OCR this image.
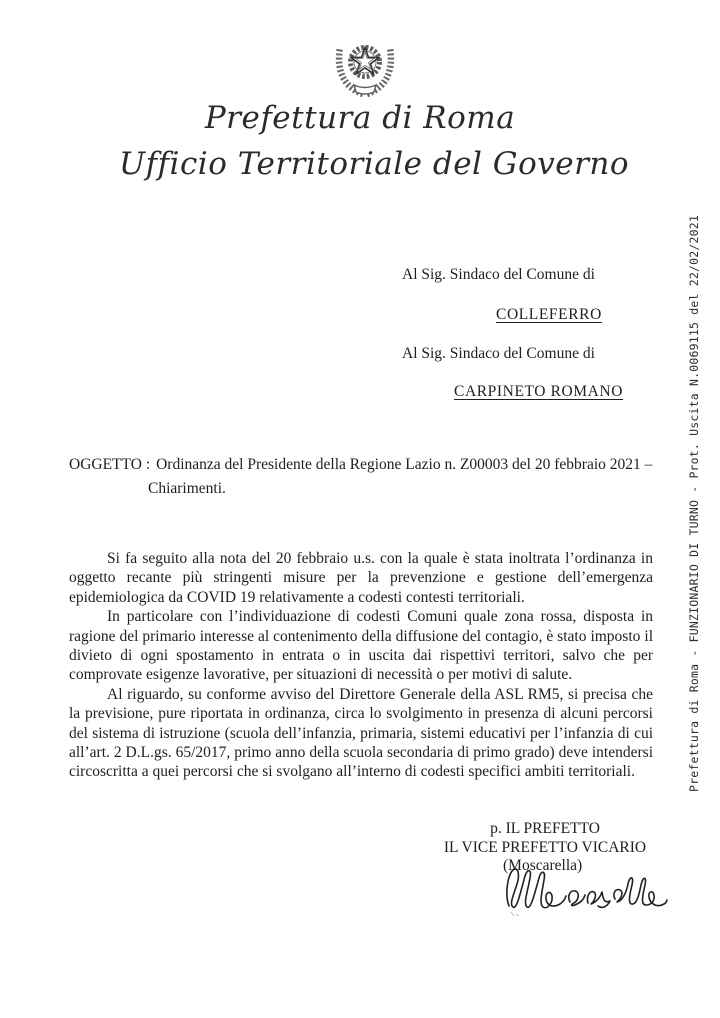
Prefettura di Roma
Ufficio Territoriale del Governo
Prefettura di Roma - FUNZIONARIO DI TURNO - Prot. Uscita N.0069115 del 22/02/2021
Al Sig. Sindaco del Comune di
COLLEFERRO
Al Sig. Sindaco del Comune di
CARPINETO ROMANO
OGGETTO : Ordinanza del Presidente della Regione Lazio n. Z00003 del 20 febbraio 2021 –
Chiarimenti.

Si fa seguito alla nota del 20 febbraio u.s. con la quale è stata inoltrata l’ordinanza in oggetto recante più stringenti misure per la prevenzione e gestione dell’emergenza epidemiologica da COVID 19 relativamente a codesti contesti territoriali.

In particolare con l’individuazione di codesti Comuni quale zona rossa, disposta in ragione del primario interesse al contenimento della diffusione del contagio, è stato imposto il divieto di ogni spostamento in entrata o in uscita dai rispettivi territori, salvo che per comprovate esigenze lavorative, per situazioni di necessità o per motivi di salute.

Al riguardo, su conforme avviso del Direttore Generale della ASL RM5, si precisa che la previsione, pure riportata in ordinanza, circa lo svolgimento in presenza di alcuni percorsi del sistema di istruzione (scuola dell’infanzia, primaria, sistemi educativi per l’infanzia di cui all’art. 2 D.L.gs. 65/2017, primo anno della scuola secondaria di primo grado) deve intendersi circoscritta a quei percorsi che si svolgano all’interno di codesti specifici ambiti territoriali.

p. IL PREFETTO
IL VICE PREFETTO VICARIO
(Moscarella)
